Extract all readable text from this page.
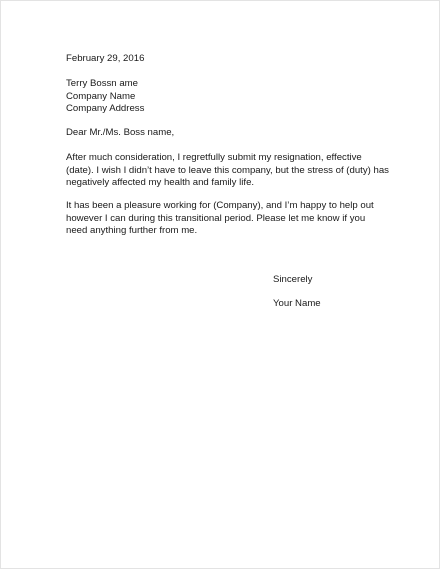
February 29, 2016
Terry Bossn ame
Company Name
Company Address
Dear Mr./Ms. Boss name,
After much consideration, I regretfully submit my resignation, effective
(date). I wish I didn’t have to leave this company, but the stress of (duty) has
negatively affected my health and family life.
It has been a pleasure working for (Company), and I’m happy to help out
however I can during this transitional period. Please let me know if you
need anything further from me.
Sincerely
Your Name
